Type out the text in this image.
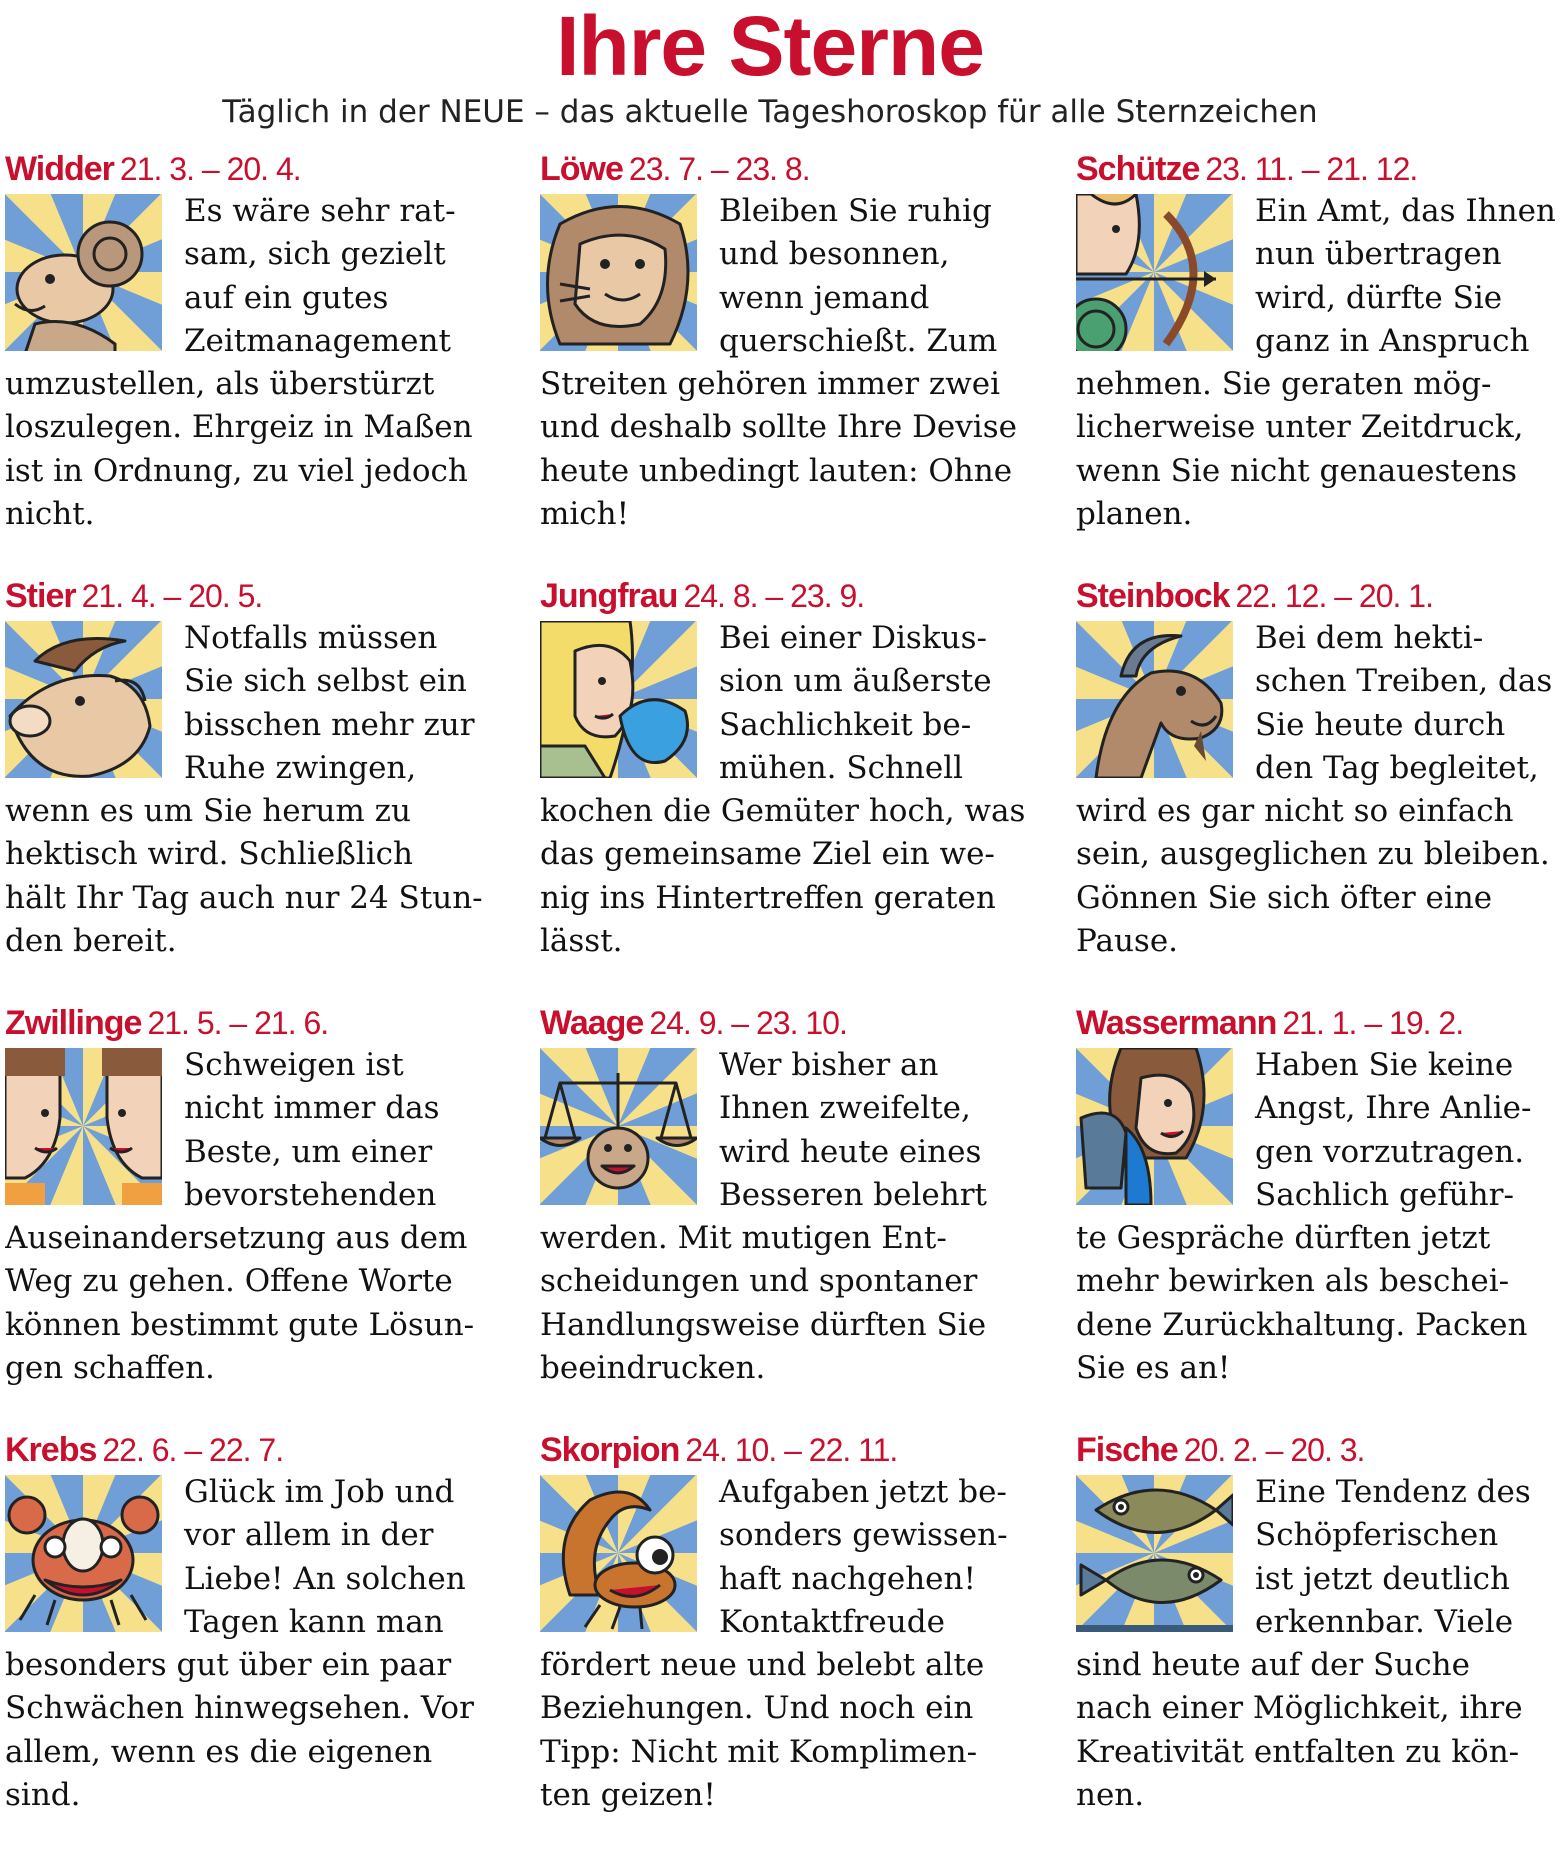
Ihre Sterne
Täglich in der NEUE – das aktuelle Tageshoroskop für alle Sternzeichen
Widder 21. 3. – 20. 4.

Es wäre sehr rat-
sam, sich gezielt
auf ein gutes
Zeitmanagement
umzustellen, als überstürzt
loszulegen. Ehrgeiz in Maßen
ist in Ordnung, zu viel jedoch
nicht.

Stier 21. 4. – 20. 5.

Notfalls müssen
Sie sich selbst ein
bisschen mehr zur
Ruhe zwingen,
wenn es um Sie herum zu
hektisch wird. Schließlich
hält Ihr Tag auch nur 24 Stun-
den bereit.

Zwillinge 21. 5. – 21. 6.

Schweigen ist
nicht immer das
Beste, um einer
bevorstehenden
Auseinandersetzung aus dem
Weg zu gehen. Offene Worte
können bestimmt gute Lösun-
gen schaffen.

Krebs 22. 6. – 22. 7.

Glück im Job und
vor allem in der
Liebe! An solchen
Tagen kann man
besonders gut über ein paar
Schwächen hinwegsehen. Vor
allem, wenn es die eigenen
sind.

Löwe 23. 7. – 23. 8.

Bleiben Sie ruhig
und besonnen,
wenn jemand
querschießt. Zum
Streiten gehören immer zwei
und deshalb sollte Ihre Devise
heute unbedingt lauten: Ohne
mich!

Jungfrau 24. 8. – 23. 9.

Bei einer Diskus-
sion um äußerste
Sachlichkeit be-
mühen. Schnell
kochen die Gemüter hoch, was
das gemeinsame Ziel ein we-
nig ins Hintertreffen geraten
lässt.

Waage 24. 9. – 23. 10.

Wer bisher an
Ihnen zweifelte,
wird heute eines
Besseren belehrt
werden. Mit mutigen Ent-
scheidungen und spontaner
Handlungsweise dürften Sie
beeindrucken.

Skorpion 24. 10. – 22. 11.

Aufgaben jetzt be-
sonders gewissen-
haft nachgehen!
Kontaktfreude
fördert neue und belebt alte
Beziehungen. Und noch ein
Tipp: Nicht mit Komplimen-
ten geizen!

Schütze 23. 11. – 21. 12.

Ein Amt, das Ihnen
nun übertragen
wird, dürfte Sie
ganz in Anspruch
nehmen. Sie geraten mög-
licherweise unter Zeitdruck,
wenn Sie nicht genauestens
planen.

Steinbock 22. 12. – 20. 1.

Bei dem hekti-
schen Treiben, das
Sie heute durch
den Tag begleitet,
wird es gar nicht so einfach
sein, ausgeglichen zu bleiben.
Gönnen Sie sich öfter eine
Pause.

Wassermann 21. 1. – 19. 2.

Haben Sie keine
Angst, Ihre Anlie-
gen vorzutragen.
Sachlich geführ-
te Gespräche dürften jetzt
mehr bewirken als beschei-
dene Zurückhaltung. Packen
Sie es an!

Fische 20. 2. – 20. 3.

Eine Tendenz des
Schöpferischen
ist jetzt deutlich
erkennbar. Viele
sind heute auf der Suche
nach einer Möglichkeit, ihre
Kreativität entfalten zu kön-
nen.
